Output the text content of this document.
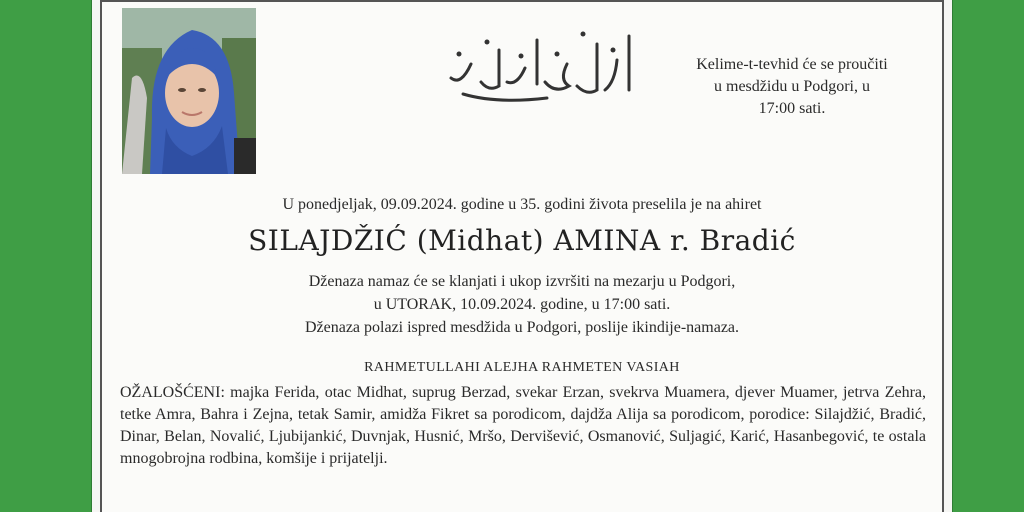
Kelime-t-tevhid će se proučiti
u mesdžidu u Podgori, u
17:00 sati.
U ponedjeljak, 09.09.2024. godine u 35. godini života preselila je na ahiret
SILAJDŽIĆ (Midhat) AMINA r. Bradić
Dženaza namaz će se klanjati i ukop izvršiti na mezarju u Podgori,
u UTORAK, 10.09.2024. godine, u 17:00 sati.
Dženaza polazi ispred mesdžida u Podgori, poslije ikindije-namaza.
RAHMETULLAHI ALEJHA RAHMETEN VASIAH

OŽALOŠĆENI: majka Ferida, otac Midhat, suprug Berzad, svekar Erzan, svekrva Muamera, djever Muamer, jetrva Zehra, tetke Amra, Bahra i Zejna, tetak Samir, amidža Fikret sa porodicom, dajdža Alija sa porodicom, porodice: Silajdžić, Bradić, Dinar, Belan, Novalić, Ljubijankić, Duvnjak, Husnić, Mršo, Dervišević, Osmanović, Suljagić, Karić, Hasanbegović, te ostala mnogobrojna rodbina, komšije i prijatelji.
